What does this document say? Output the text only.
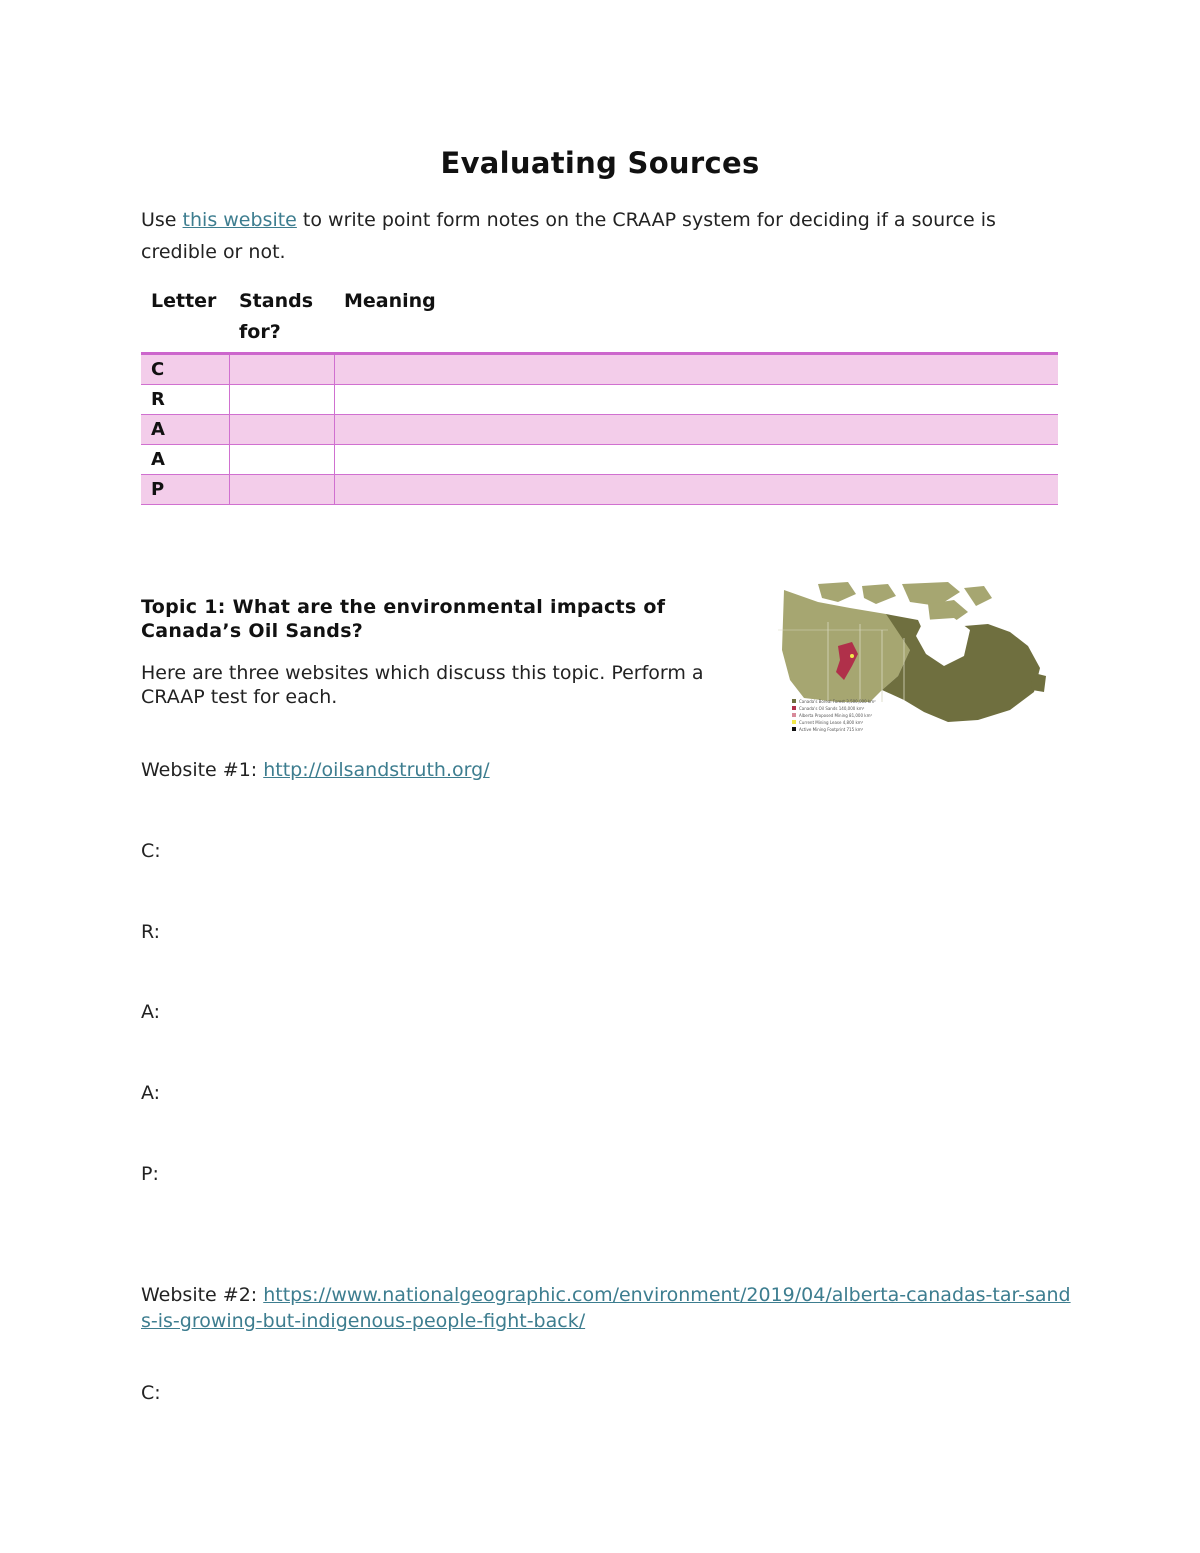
Evaluating Sources
Use this website to write point form notes on the CRAAP system for deciding if a source is credible or not.
Letter	Stands for?	Meaning
C		
R		
A		
A		
P		
Topic 1: What are the environmental impacts of Canada’s Oil Sands?
Here are three websites which discuss this topic. Perform a CRAAP test for each.	Canada's Boreal Forest 3,500,000 km²
Canada's Oil Sands 140,000 km²
Alberta Proposed Mining 81,000 km²
Current Mining Lease 4,800 km²
Active Mining Footprint 715 km²
Website #1: http://oilsandstruth.org/
C:
R:
A:
A:
P:
Website #2: https://www.nationalgeographic.com/environment/2019/04/alberta-canadas-tar-sands-is-growing-but-indigenous-people-fight-back/
C:
